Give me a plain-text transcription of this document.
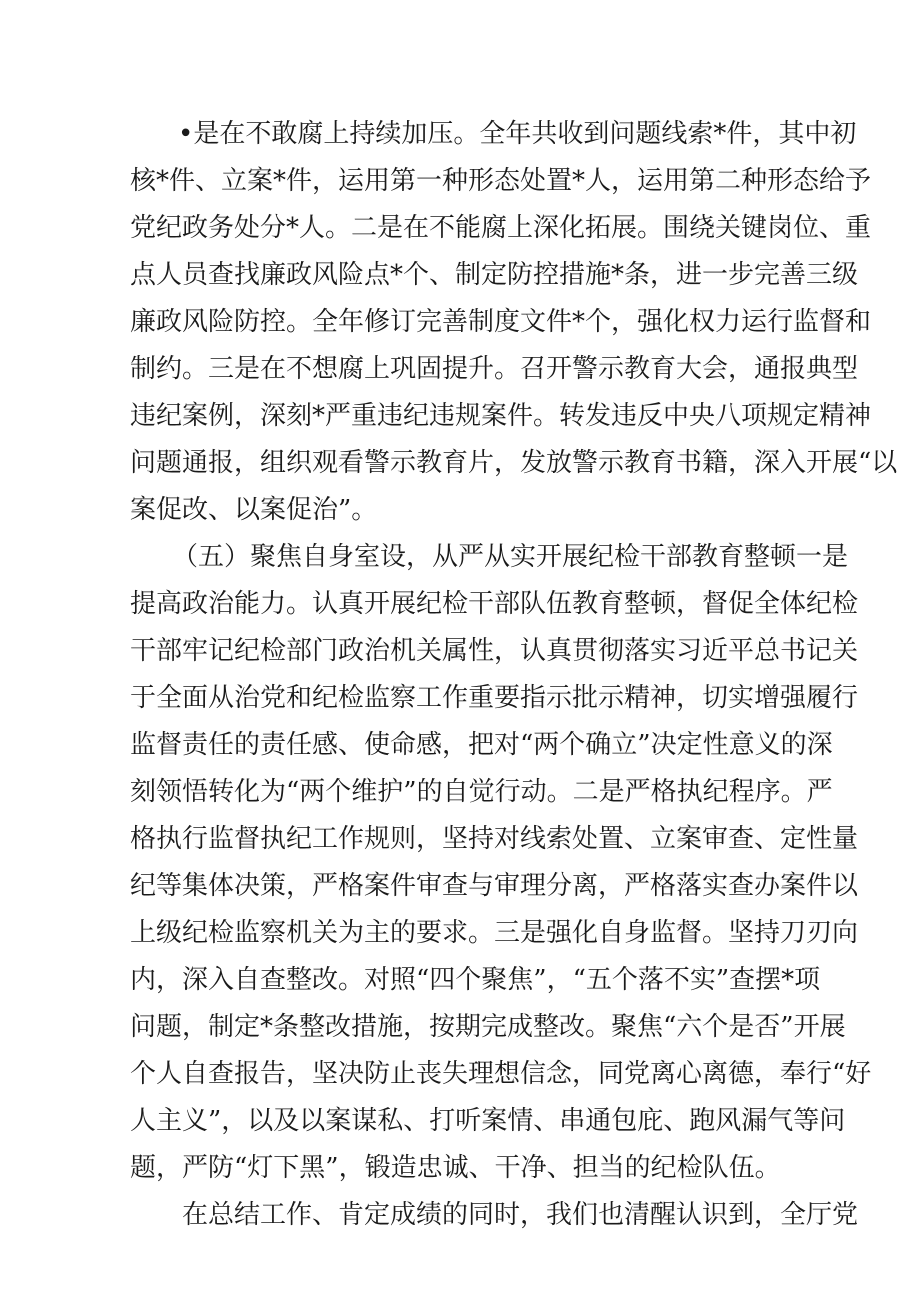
•是在不敢腐上持续加压。全年共收到问题线索*件，其中初
核*件、立案*件，运用第一种形态处置*人，运用第二种形态给予
党纪政务处分*人。二是在不能腐上深化拓展。围绕关键岗位、重
点人员查找廉政风险点*个、制定防控措施*条，进一步完善三级
廉政风险防控。全年修订完善制度文件*个，强化权力运行监督和
制约。三是在不想腐上巩固提升。召开警示教育大会，通报典型
违纪案例，深刻*严重违纪违规案件。转发违反中央八项规定精神
问题通报，组织观看警示教育片，发放警示教育书籍，深入开展“以
案促改、以案促治”。
（五）聚焦自身室设，从严从实开展纪检干部教育整顿一是
提高政治能力。认真开展纪检干部队伍教育整顿，督促全体纪检
干部牢记纪检部门政治机关属性，认真贯彻落实习近平总书记关
于全面从治党和纪检监察工作重要指示批示精神，切实增强履行
监督责任的责任感、使命感，把对“两个确立”决定性意义的深
刻领悟转化为“两个维护”的自觉行动。二是严格执纪程序。严
格执行监督执纪工作规则，坚持对线索处置、立案审查、定性量
纪等集体决策，严格案件审查与审理分离，严格落实查办案件以
上级纪检监察机关为主的要求。三是强化自身监督。坚持刀刃向
内，深入自查整改。对照“四个聚焦”，“五个落不实”查摆*项
问题，制定*条整改措施，按期完成整改。聚焦“六个是否”开展
个人自查报告，坚决防止丧失理想信念，同党离心离德，奉行“好
人主义”，以及以案谋私、打听案情、串通包庇、跑风漏气等问
题，严防“灯下黑”，锻造忠诚、干净、担当的纪检队伍。
在总结工作、肯定成绩的同时，我们也清醒认识到，全厅党
